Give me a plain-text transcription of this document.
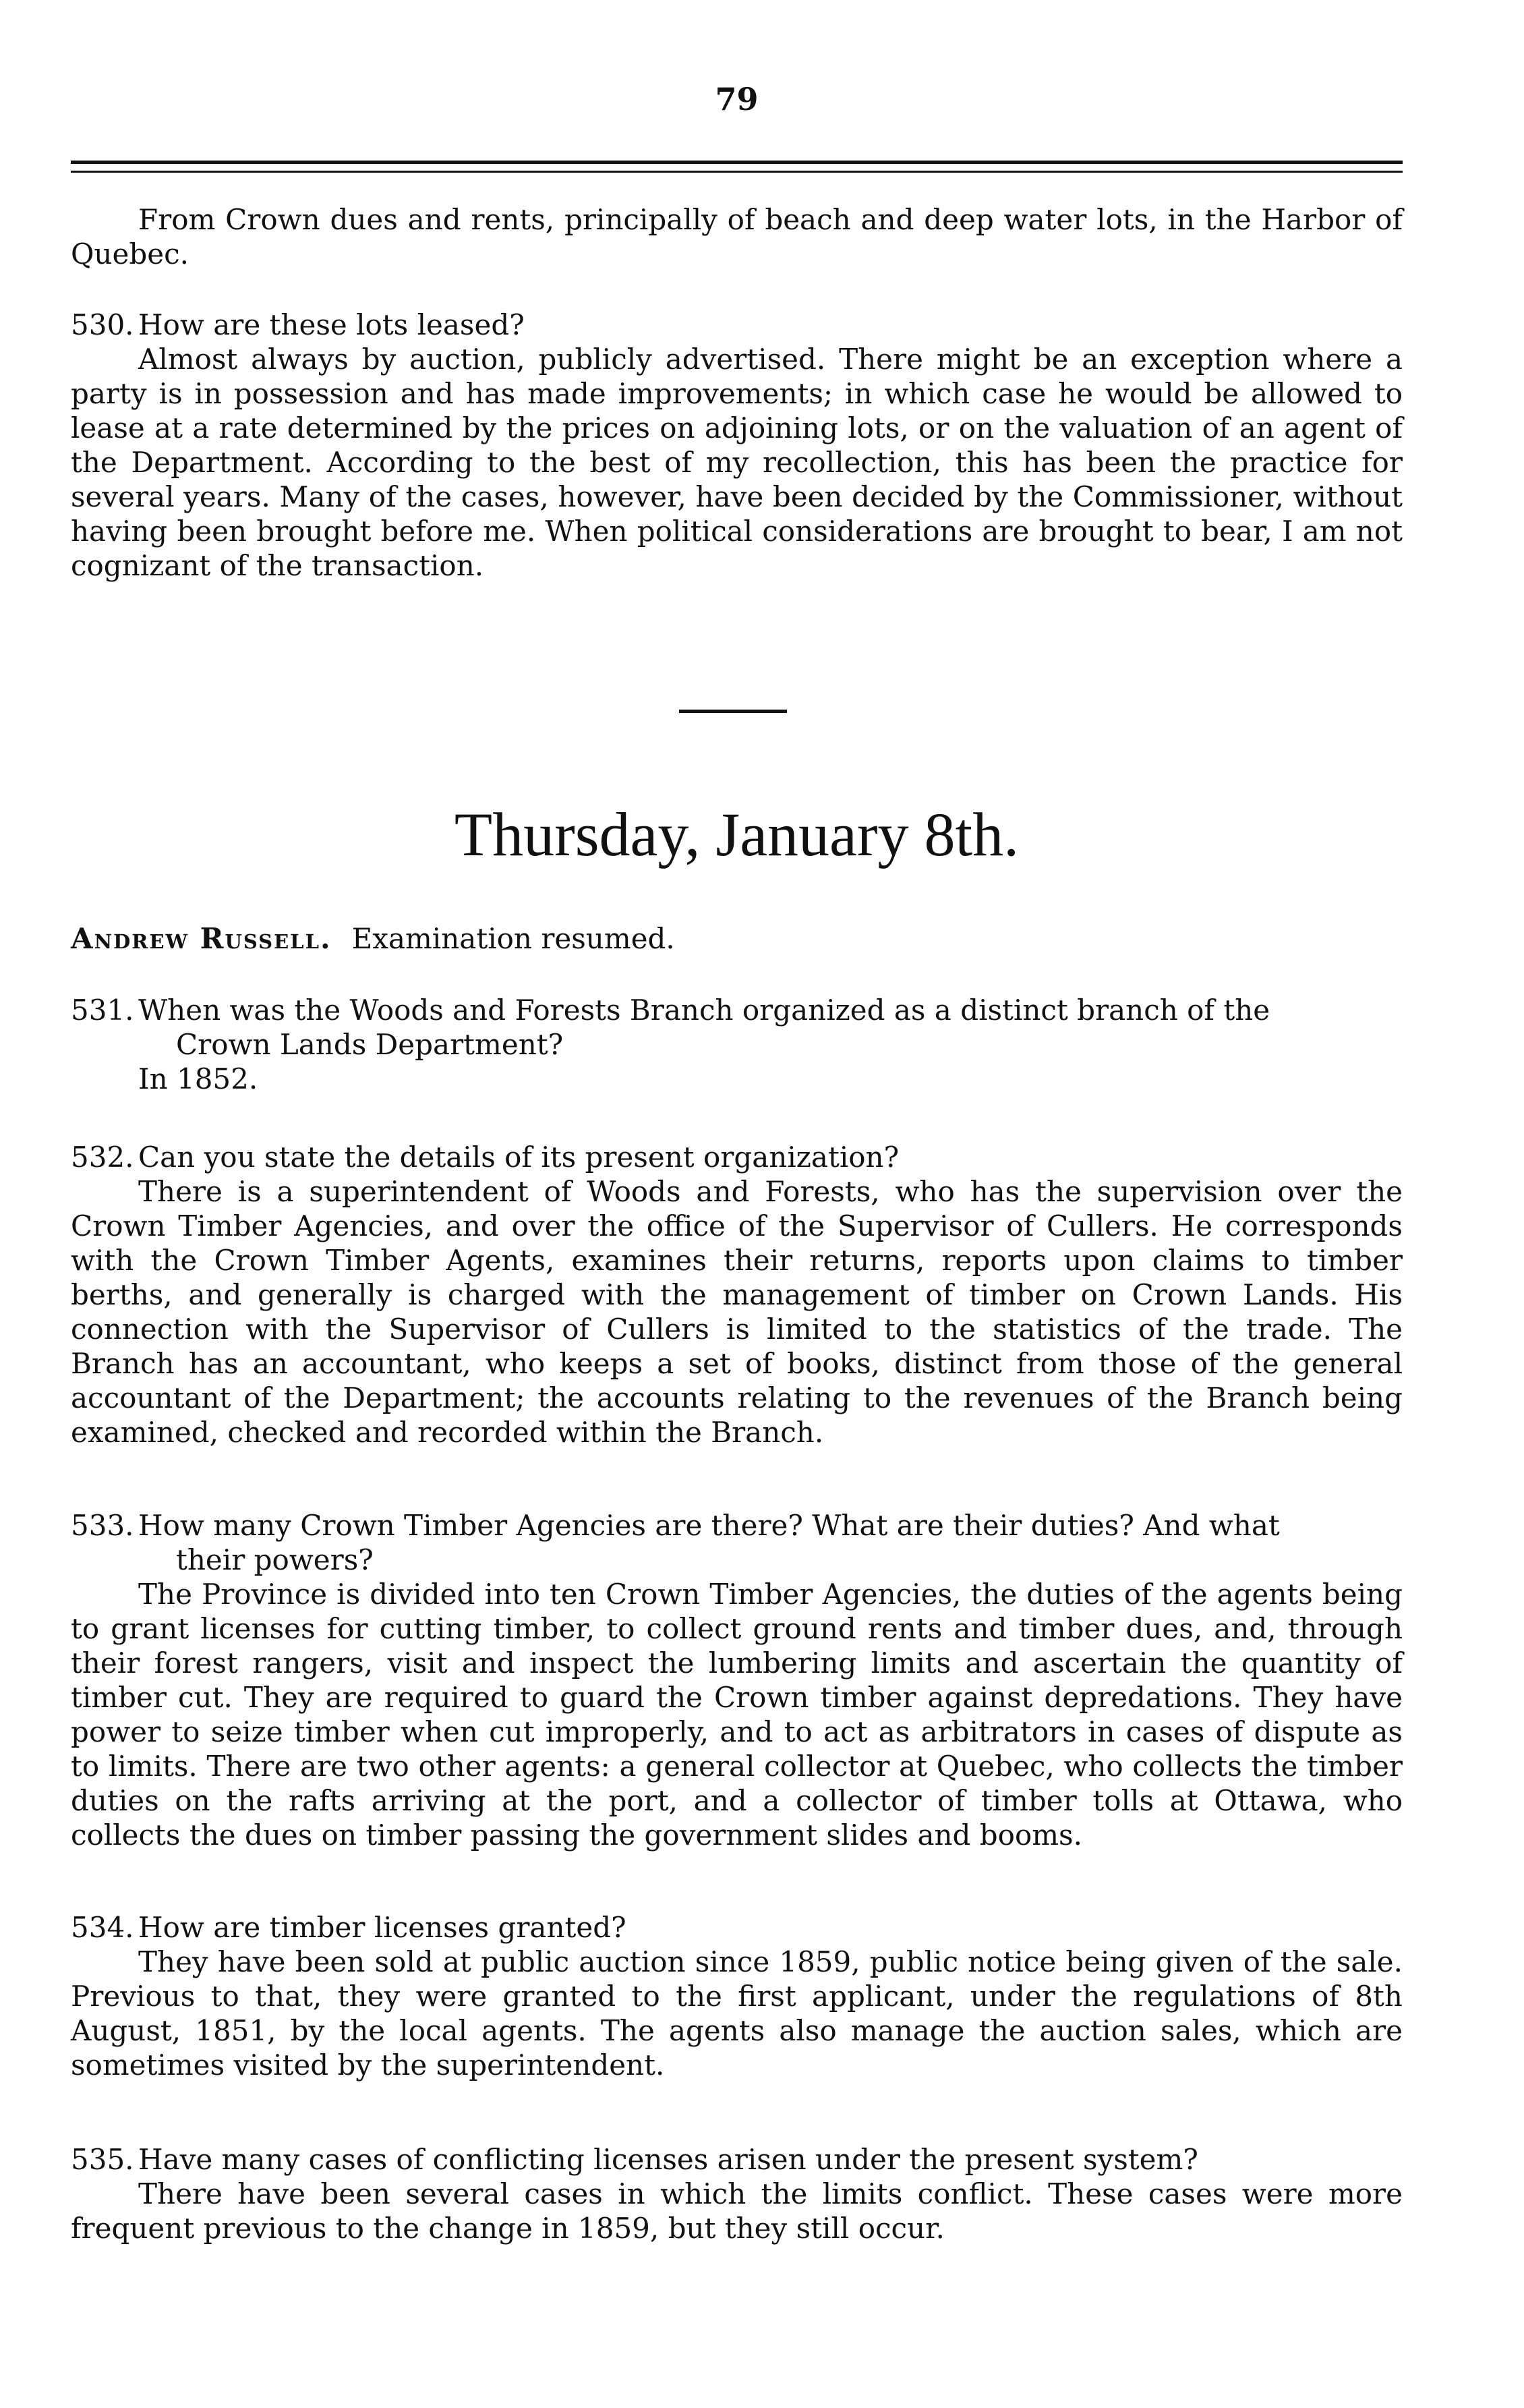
79

From Crown dues and rents, principally of beach and deep water lots, in the Harbor of Quebec.

530. How are these lots leased?

Almost always by auction, publicly advertised. There might be an exception where a party is in possession and has made improvements; in which case he would be allowed to lease at a rate determined by the prices on adjoining lots, or on the valuation of an agent of the Department. According to the best of my recollection, this has been the practice for several years. Many of the cases, however, have been decided by the Commissioner, without having been brought before me. When political considerations are brought to bear, I am not cognizant of the transaction.

Thursday, January 8th.

Andrew Russell. Examination resumed.

531. When was the Woods and Forests Branch organized as a distinct branch of the
Crown Lands Department?

In 1852.

532. Can you state the details of its present organization?

There is a superintendent of Woods and Forests, who has the supervision over the Crown Timber Agencies, and over the office of the Supervisor of Cullers. He corresponds with the Crown Timber Agents, examines their returns, reports upon claims to timber berths, and generally is charged with the management of timber on Crown Lands. His connection with the Supervisor of Cullers is limited to the statistics of the trade. The Branch has an accountant, who keeps a set of books, distinct from those of the general accountant of the Department; the accounts relating to the revenues of the Branch being examined, checked and recorded within the Branch.

533. How many Crown Timber Agencies are there? What are their duties? And what
their powers?

The Province is divided into ten Crown Timber Agencies, the duties of the agents being to grant licenses for cutting timber, to collect ground rents and timber dues, and, through their forest rangers, visit and inspect the lumbering limits and ascertain the quantity of timber cut. They are required to guard the Crown timber against depredations. They have power to seize timber when cut improperly, and to act as arbitrators in cases of dispute as to limits. There are two other agents: a general collector at Quebec, who collects the timber duties on the rafts arriving at the port, and a collector of timber tolls at Ottawa, who collects the dues on timber passing the government slides and booms.

534. How are timber licenses granted?

They have been sold at public auction since 1859, public notice being given of the sale. Previous to that, they were granted to the first applicant, under the regulations of 8th August, 1851, by the local agents. The agents also manage the auction sales, which are sometimes visited by the superintendent.

535. Have many cases of conflicting licenses arisen under the present system?

There have been several cases in which the limits conflict. These cases were more frequent previous to the change in 1859, but they still occur.
